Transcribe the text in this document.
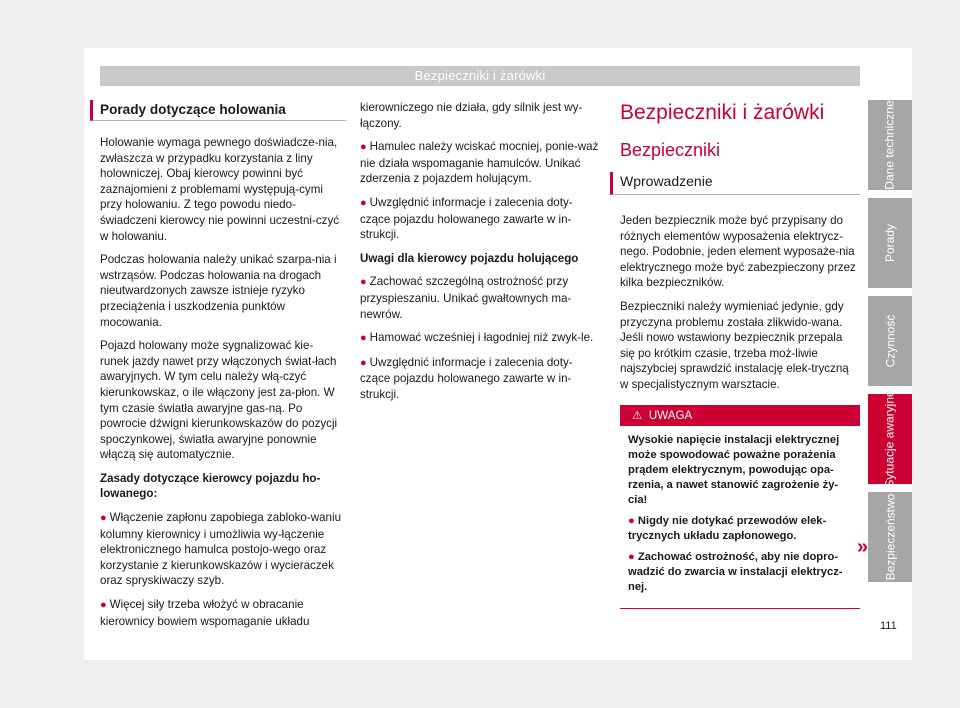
Bezpieczniki i żarówki
Porady dotyczące holowania

Holowanie wymaga pewnego doświadcze-nia, zwłaszcza w przypadku korzystania z liny holowniczej. Obaj kierowcy powinni być zaznajomieni z problemami występują-cymi przy holowaniu. Z tego powodu niedo-świadczeni kierowcy nie powinni uczestni-czyć w holowaniu.

Podczas holowania należy unikać szarpa-nia i wstrząsów. Podczas holowania na drogach nieutwardzonych zawsze istnieje ryzyko przeciążenia i uszkodzenia punktów mocowania.

Pojazd holowany może sygnalizować kie-runek jazdy nawet przy włączonych świat-łach awaryjnych. W tym celu należy włą-czyć kierunkowskaz, o ile włączony jest za-płon. W tym czasie światła awaryjne gas-ną. Po powrocie dźwigni kierunkowskazów do pozycji spoczynkowej, światła awaryjne ponownie włączą się automatycznie.

Zasady dotyczące kierowcy pojazdu ho-lowanego:

● Włączenie zapłonu zapobiega zabloko-waniu kolumny kierownicy i umożliwia wy-łączenie elektronicznego hamulca postojo-wego oraz korzystanie z kierunkowskazów i wycieraczek oraz spryskiwaczy szyb.

● Więcej siły trzeba włożyć w obracanie kierownicy bowiem wspomaganie układu

kierowniczego nie działa, gdy silnik jest wy-łączony.

● Hamulec należy wciskać mocniej, ponie-waż nie działa wspomaganie hamulców. Unikać zderzenia z pojazdem holującym.

● Uwzględnić informacje i zalecenia doty-czące pojazdu holowanego zawarte w in-strukcji.

Uwagi dla kierowcy pojazdu holującego

● Zachować szczególną ostrożność przy przyspieszaniu. Unikać gwałtownych ma-newrów.

● Hamować wcześniej i łagodniej niż zwyk-le.

● Uwzględnić informacje i zalecenia doty-czące pojazdu holowanego zawarte w in-strukcji.

Bezpieczniki i żarówki
Bezpieczniki
Wprowadzenie

Jeden bezpiecznik może być przypisany do różnych elementów wyposażenia elektrycz-nego. Podobnie, jeden element wyposaże-nia elektrycznego może być zabezpieczony przez kilka bezpieczników.

Bezpieczniki należy wymieniać jedynie, gdy przyczyna problemu została zlikwido-wana. Jeśli nowo wstawiony bezpiecznik przepala się po krótkim czasie, trzeba moż-liwie najszybciej sprawdzić instalację elek-tryczną w specjalistycznym warsztacie.

⚠ UWAGA

Wysokie napięcie instalacji elektrycznej może spowodować poważne porażenia prądem elektrycznym, powodując opa-rzenia, a nawet stanowić zagrożenie ży-cia!

● Nigdy nie dotykać przewodów elek-trycznych układu zapłonowego.

● Zachować ostrożność, aby nie dopro-wadzić do zwarcia w instalacji elektrycz-nej.

»
Dane techniczne
Porady
Czynność
Sytuacje awaryjne
Bezpieczeństwo
111
